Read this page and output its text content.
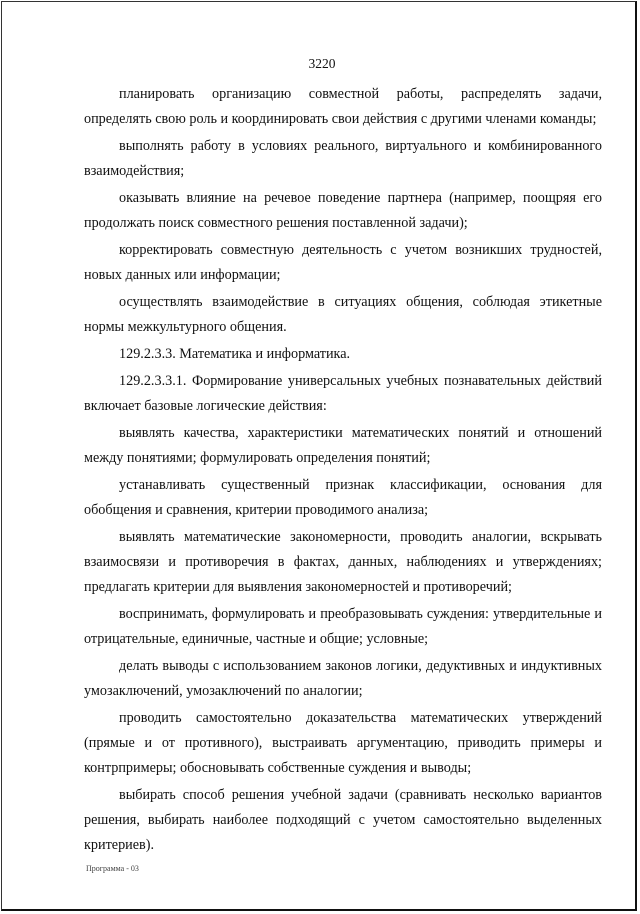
3220

планировать организацию совместной работы, распределять задачи, определять свою роль и координировать свои действия с другими членами команды;

выполнять работу в условиях реального, виртуального и комбинированного взаимодействия;

оказывать влияние на речевое поведение партнера (например, поощряя его продолжать поиск совместного решения поставленной задачи);

корректировать совместную деятельность с учетом возникших трудностей, новых данных или информации;

осуществлять взаимодействие в ситуациях общения, соблюдая этикетные нормы межкультурного общения.

129.2.3.3. Математика и информатика.

129.2.3.3.1. Формирование универсальных учебных познавательных действий включает базовые логические действия:

выявлять качества, характеристики математических понятий и отношений между понятиями; формулировать определения понятий;

устанавливать существенный признак классификации, основания для обобщения и сравнения, критерии проводимого анализа;

выявлять математические закономерности, проводить аналогии, вскрывать взаимосвязи и противоречия в фактах, данных, наблюдениях и утверждениях; предлагать критерии для выявления закономерностей и противоречий;

воспринимать, формулировать и преобразовывать суждения: утвердительные и отрицательные, единичные, частные и общие; условные;

делать выводы с использованием законов логики, дедуктивных и индуктивных умозаключений, умозаключений по аналогии;

проводить самостоятельно доказательства математических утверждений (прямые и от противного), выстраивать аргументацию, приводить примеры и контрпримеры; обосновывать собственные суждения и выводы;

выбирать способ решения учебной задачи (сравнивать несколько вариантов решения, выбирать наиболее подходящий с учетом самостоятельно выделенных критериев).

Программа - 03
